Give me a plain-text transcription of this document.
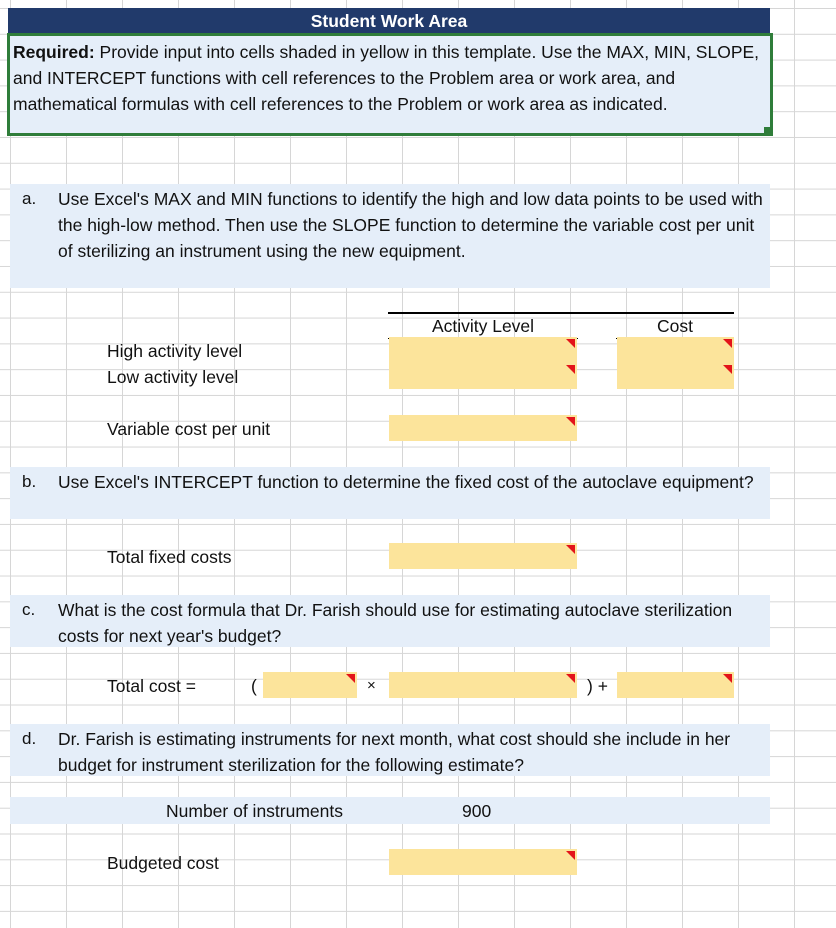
Student Work Area

Required: Provide input into cells shaded in yellow in this template. Use the MAX, MIN, SLOPE, and INTERCEPT functions with cell references to the Problem area or work area, and mathematical formulas with cell references to the Problem or work area as indicated.

a. Use Excel's MAX and MIN functions to identify the high and low data points to be used with the high-low method. Then use the SLOPE function to determine the variable cost per unit of sterilizing an instrument using the new equipment.
Activity Level	Cost
High activity level
Low activity level
Variable cost per unit
b. Use Excel's INTERCEPT function to determine the fixed cost of the autoclave equipment?
Total fixed costs
c. What is the cost formula that Dr. Farish should use for estimating autoclave sterilization costs for next year's budget?
Total cost =	(	×	) +
d. Dr. Farish is estimating instruments for next month, what cost should she include in her budget for instrument sterilization for the following estimate?
Number of instruments	900
Budgeted cost
